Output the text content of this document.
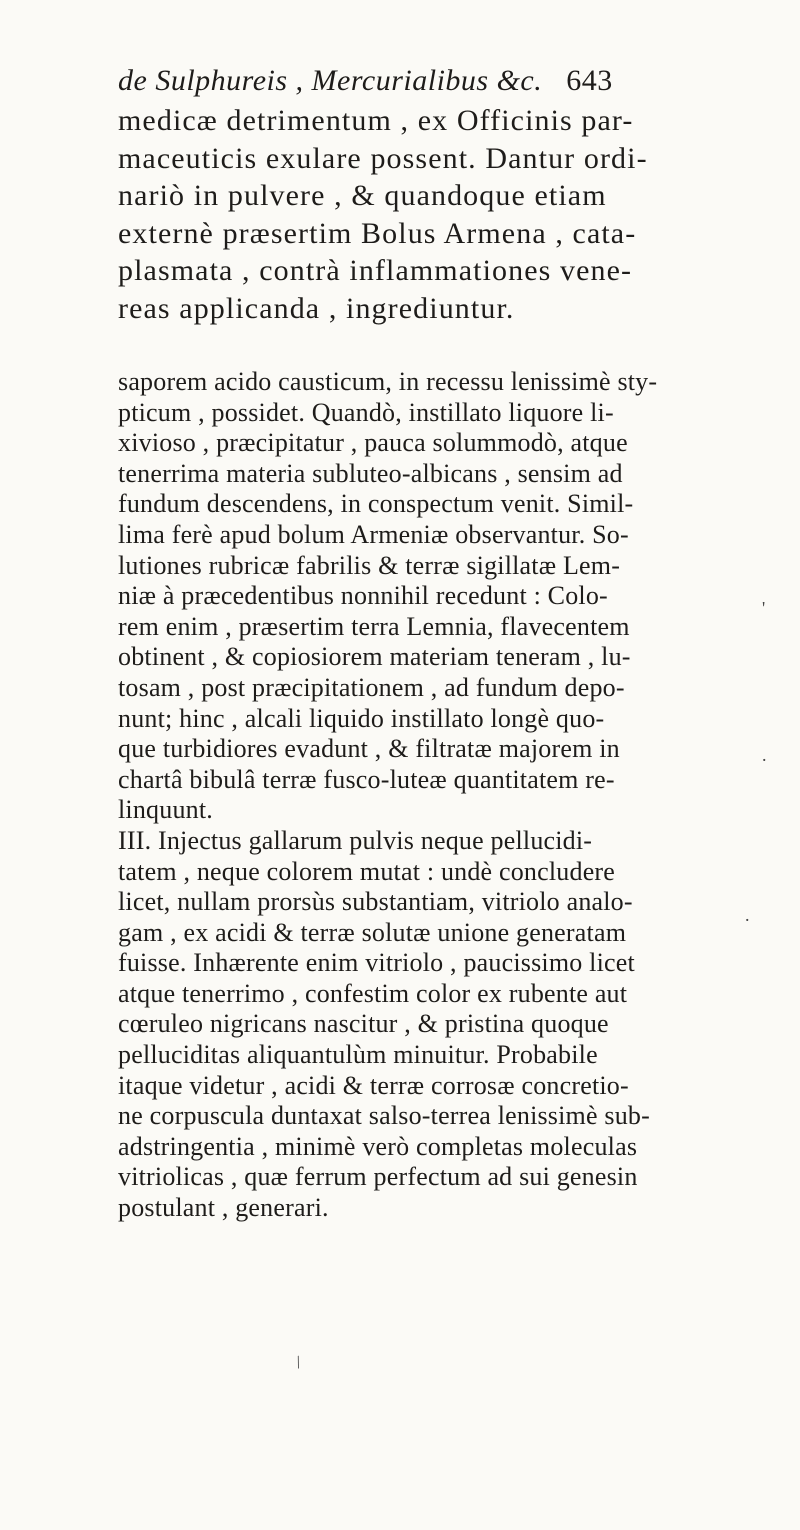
de Sulphureis , Mercurialibus &c. 643
medicæ detrimentum , ex Officinis par-
maceuticis exulare possent. Dantur ordi-
nariò in pulvere , & quandoque etiam
externè præsertim Bolus Armena , cata-
plasmata , contrà inflammationes vene-
reas applicanda , ingrediuntur.
saporem acido causticum, in recessu lenissimè sty-
pticum , possidet. Quandò, instillato liquore li-
xivioso , præcipitatur , pauca solummodò, atque
tenerrima materia subluteo-albicans , sensim ad
fundum descendens, in conspectum venit. Simil-
lima ferè apud bolum Armeniæ observantur. So-
lutiones rubricæ fabrilis & terræ sigillatæ Lem-
niæ à præcedentibus nonnihil recedunt : Colo-
rem enim , præsertim terra Lemnia, flavecentem
obtinent , & copiosiorem materiam teneram , lu-
tosam , post præcipitationem , ad fundum depo-
nunt; hinc , alcali liquido instillato longè quo-
que turbidiores evadunt , & filtratæ majorem in
chartâ bibulâ terræ fusco-luteæ quantitatem re-
linquunt.
III. Injectus gallarum pulvis neque pellucidi-
tatem , neque colorem mutat : undè concludere
licet, nullam prorsùs substantiam, vitriolo analo-
gam , ex acidi & terræ solutæ unione generatam
fuisse. Inhærente enim vitriolo , paucissimo licet
atque tenerrimo , confestim color ex rubente aut
cœruleo nigricans nascitur , & pristina quoque
pelluciditas aliquantulùm minuitur. Probabile
itaque videtur , acidi & terræ corrosæ concretio-
ne corpuscula duntaxat salso-terrea lenissimè sub-
adstringentia , minimè verò completas moleculas
vitriolicas , quæ ferrum perfectum ad sui genesin
postulant , generari.
'
.
.
/
